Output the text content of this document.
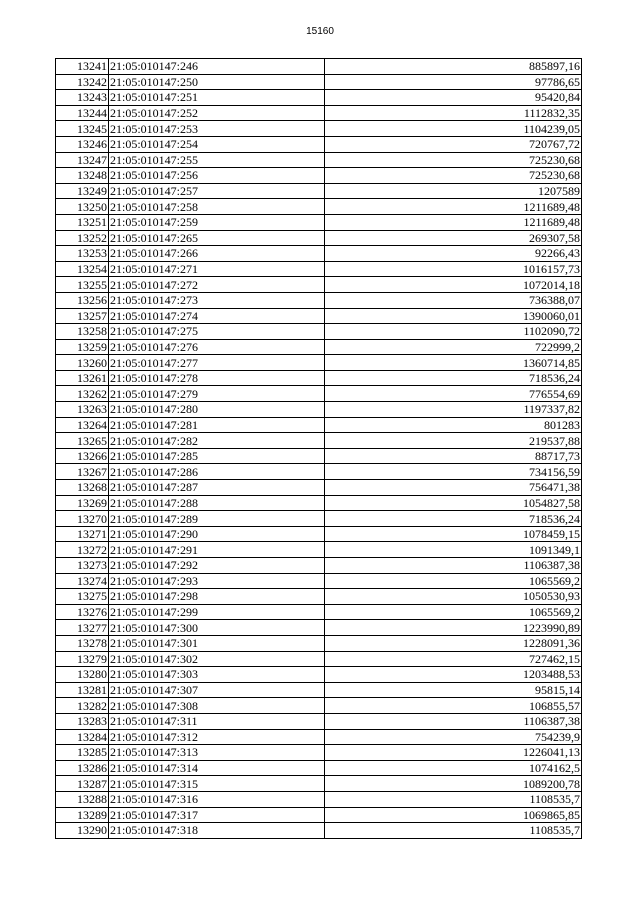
15160
13241	21:05:010147:246	885897,16
13242	21:05:010147:250	97786,65
13243	21:05:010147:251	95420,84
13244	21:05:010147:252	1112832,35
13245	21:05:010147:253	1104239,05
13246	21:05:010147:254	720767,72
13247	21:05:010147:255	725230,68
13248	21:05:010147:256	725230,68
13249	21:05:010147:257	1207589
13250	21:05:010147:258	1211689,48
13251	21:05:010147:259	1211689,48
13252	21:05:010147:265	269307,58
13253	21:05:010147:266	92266,43
13254	21:05:010147:271	1016157,73
13255	21:05:010147:272	1072014,18
13256	21:05:010147:273	736388,07
13257	21:05:010147:274	1390060,01
13258	21:05:010147:275	1102090,72
13259	21:05:010147:276	722999,2
13260	21:05:010147:277	1360714,85
13261	21:05:010147:278	718536,24
13262	21:05:010147:279	776554,69
13263	21:05:010147:280	1197337,82
13264	21:05:010147:281	801283
13265	21:05:010147:282	219537,88
13266	21:05:010147:285	88717,73
13267	21:05:010147:286	734156,59
13268	21:05:010147:287	756471,38
13269	21:05:010147:288	1054827,58
13270	21:05:010147:289	718536,24
13271	21:05:010147:290	1078459,15
13272	21:05:010147:291	1091349,1
13273	21:05:010147:292	1106387,38
13274	21:05:010147:293	1065569,2
13275	21:05:010147:298	1050530,93
13276	21:05:010147:299	1065569,2
13277	21:05:010147:300	1223990,89
13278	21:05:010147:301	1228091,36
13279	21:05:010147:302	727462,15
13280	21:05:010147:303	1203488,53
13281	21:05:010147:307	95815,14
13282	21:05:010147:308	106855,57
13283	21:05:010147:311	1106387,38
13284	21:05:010147:312	754239,9
13285	21:05:010147:313	1226041,13
13286	21:05:010147:314	1074162,5
13287	21:05:010147:315	1089200,78
13288	21:05:010147:316	1108535,7
13289	21:05:010147:317	1069865,85
13290	21:05:010147:318	1108535,7
